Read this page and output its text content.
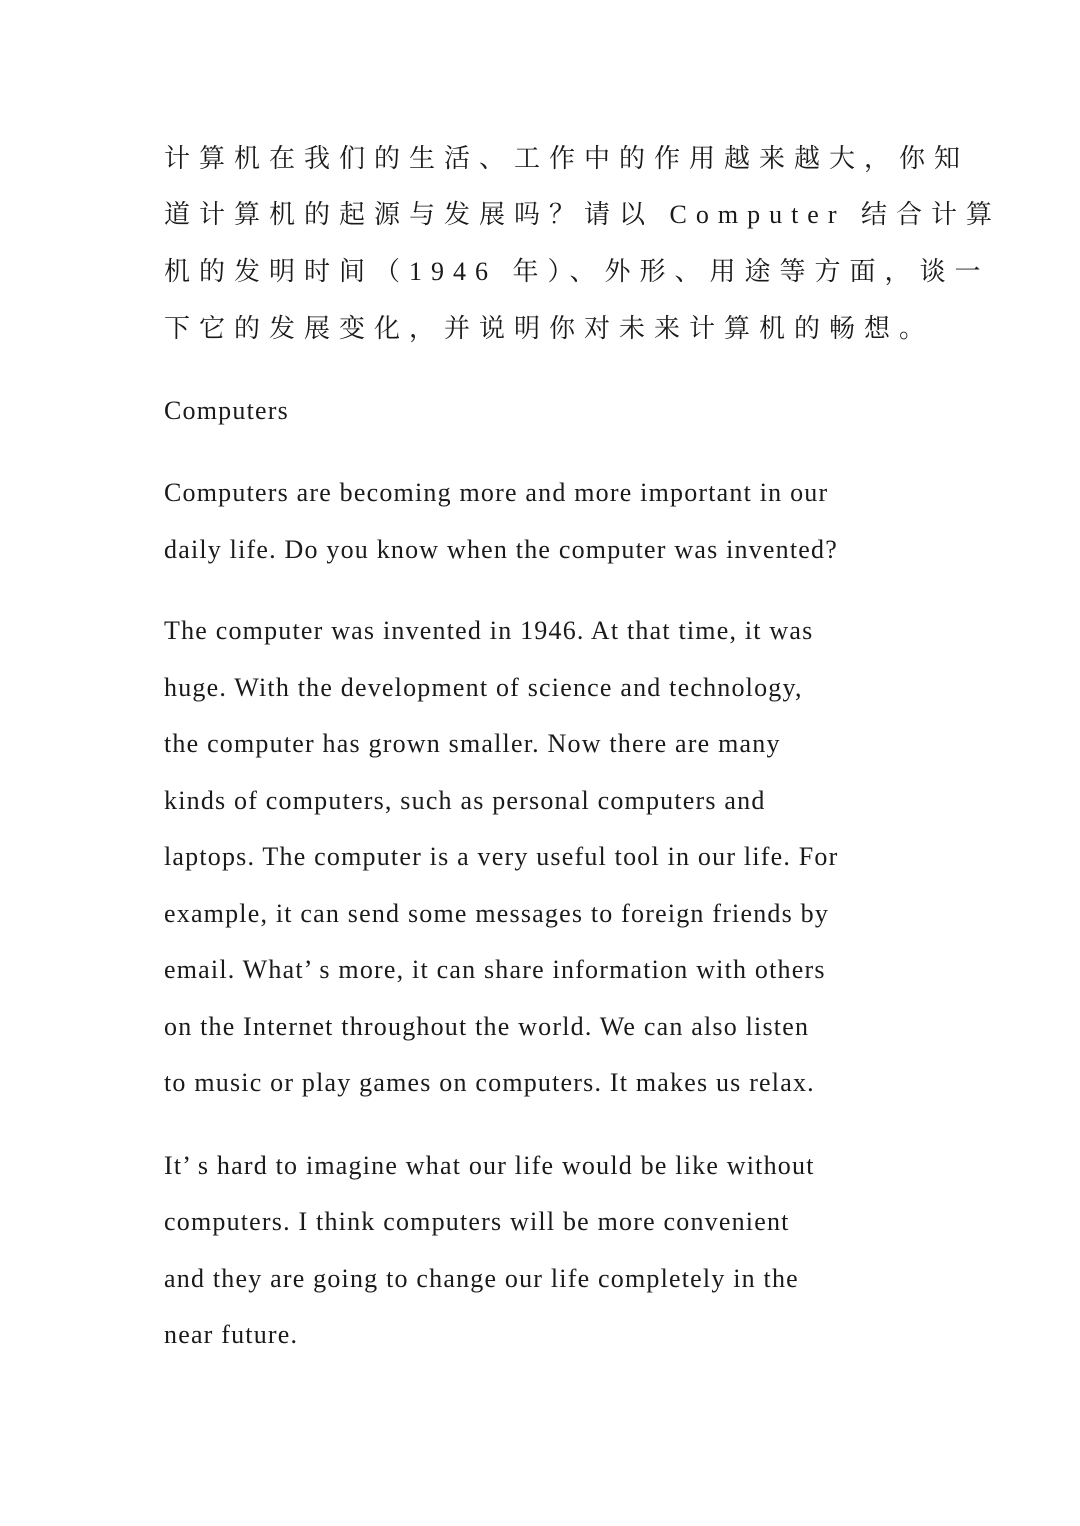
计算机在我们的生活、工作中的作用越来越大，你知
道计算机的起源与发展吗？请以 Computer 结合计算
机的发明时间（1946 年）、外形、用途等方面，谈一
下它的发展变化，并说明你对未来计算机的畅想。
Computers
Computers are becoming more and more important in our
daily life. Do you know when the computer was invented?
The computer was invented in 1946. At that time, it was
huge. With the development of science and technology,
the computer has grown smaller. Now there are many
kinds of computers, such as personal computers and
laptops. The computer is a very useful tool in our life. For
example, it can send some messages to foreign friends by
email. What’ s more, it can share information with others
on the Internet throughout the world. We can also listen
to music or play games on computers. It makes us relax.
It’ s hard to imagine what our life would be like without
computers. I think computers will be more convenient
and they are going to change our life completely in the
near future.
